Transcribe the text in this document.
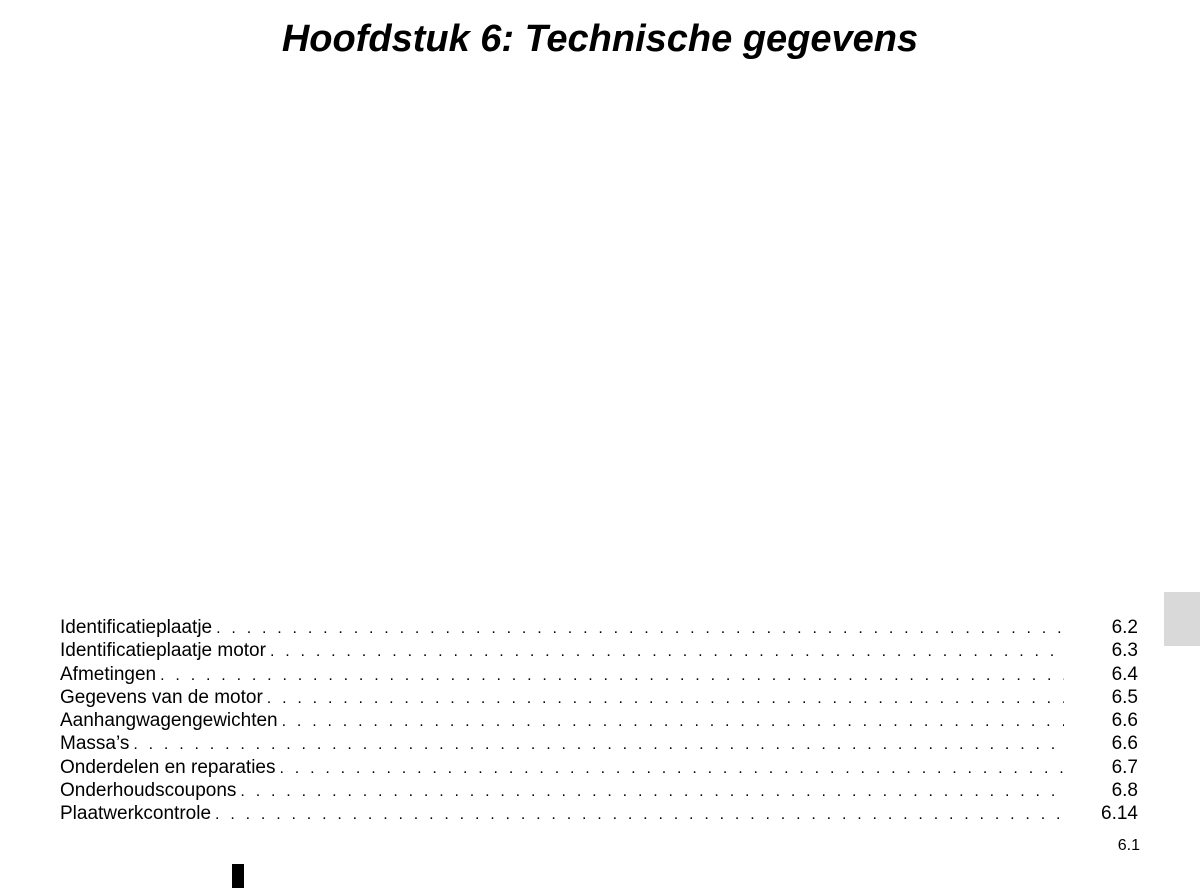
Hoofdstuk 6: Technische gegevens
Identificatieplaatje . . .	6.2
Identificatieplaatje motor . . .	6.3
Afmetingen . . .	6.4
Gegevens van de motor . . .	6.5
Aanhangwagengewichten . . .	6.6
Massa’s . . .	6.6
Onderdelen en reparaties . . .	6.7
Onderhoudscoupons . . .	6.8
Plaatwerkcontrole . . .	6.14
6.1
